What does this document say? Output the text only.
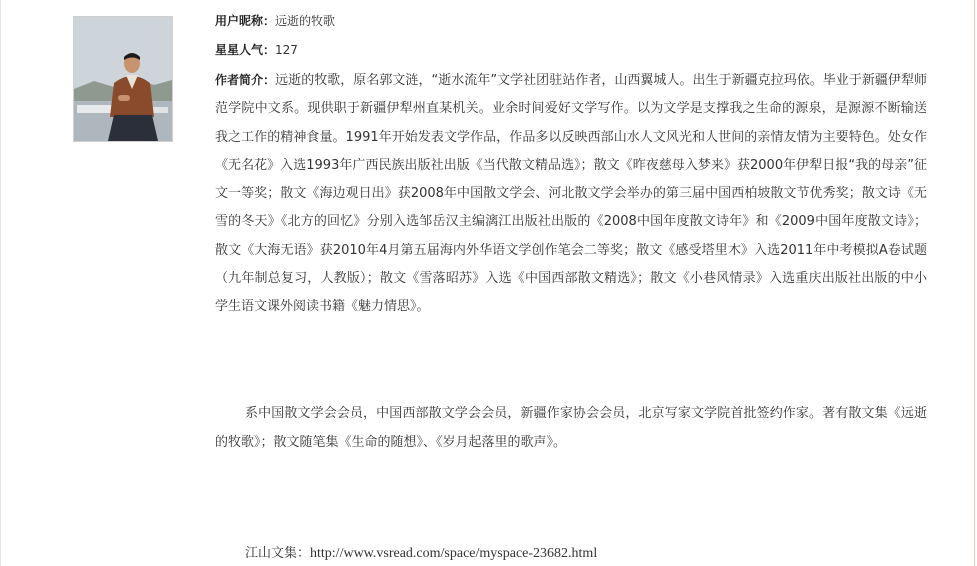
用户昵称：远逝的牧歌
星星人气：127
作者简介：远逝的牧歌，原名郭文涟，“逝水流年”文学社团驻站作者，山西翼城人。出生于新疆克拉玛依。毕业于新疆伊犁师范学院中文系。现供职于新疆伊犁州直某机关。业余时间爱好文学写作。以为文学是支撑我之生命的源泉，是源源不断输送我之工作的精神食量。1991年开始发表文学作品，作品多以反映西部山水人文风光和人世间的亲情友情为主要特色。处女作《无名花》入选1993年广西民族出版社出版《当代散文精品选》；散文《昨夜慈母入梦来》获2000年伊犁日报“我的母亲”征文一等奖；散文《海边观日出》获2008年中国散文学会、河北散文学会举办的第三届中国西柏坡散文节优秀奖；散文诗《无雪的冬天》《北方的回忆》分别入选邹岳汉主编漓江出版社出版的《2008中国年度散文诗年》和《2009中国年度散文诗》；散文《大海无语》获2010年4月第五届海内外华语文学创作笔会二等奖；散文《感受塔里木》入选2011年中考模拟A卷试题（九年制总复习，人教版）；散文《雪落昭苏》入选《中国西部散文精选》；散文《小巷风情录》入选重庆出版社出版的中小学生语文课外阅读书籍《魅力情思》。
系中国散文学会会员，中国西部散文学会会员，新疆作家协会会员，北京写家文学院首批签约作家。著有散文集《远逝的牧歌》；散文随笔集《生命的随想》、《岁月起落里的歌声》。
江山文集：http://www.vsread.com/space/myspace-23682.html
